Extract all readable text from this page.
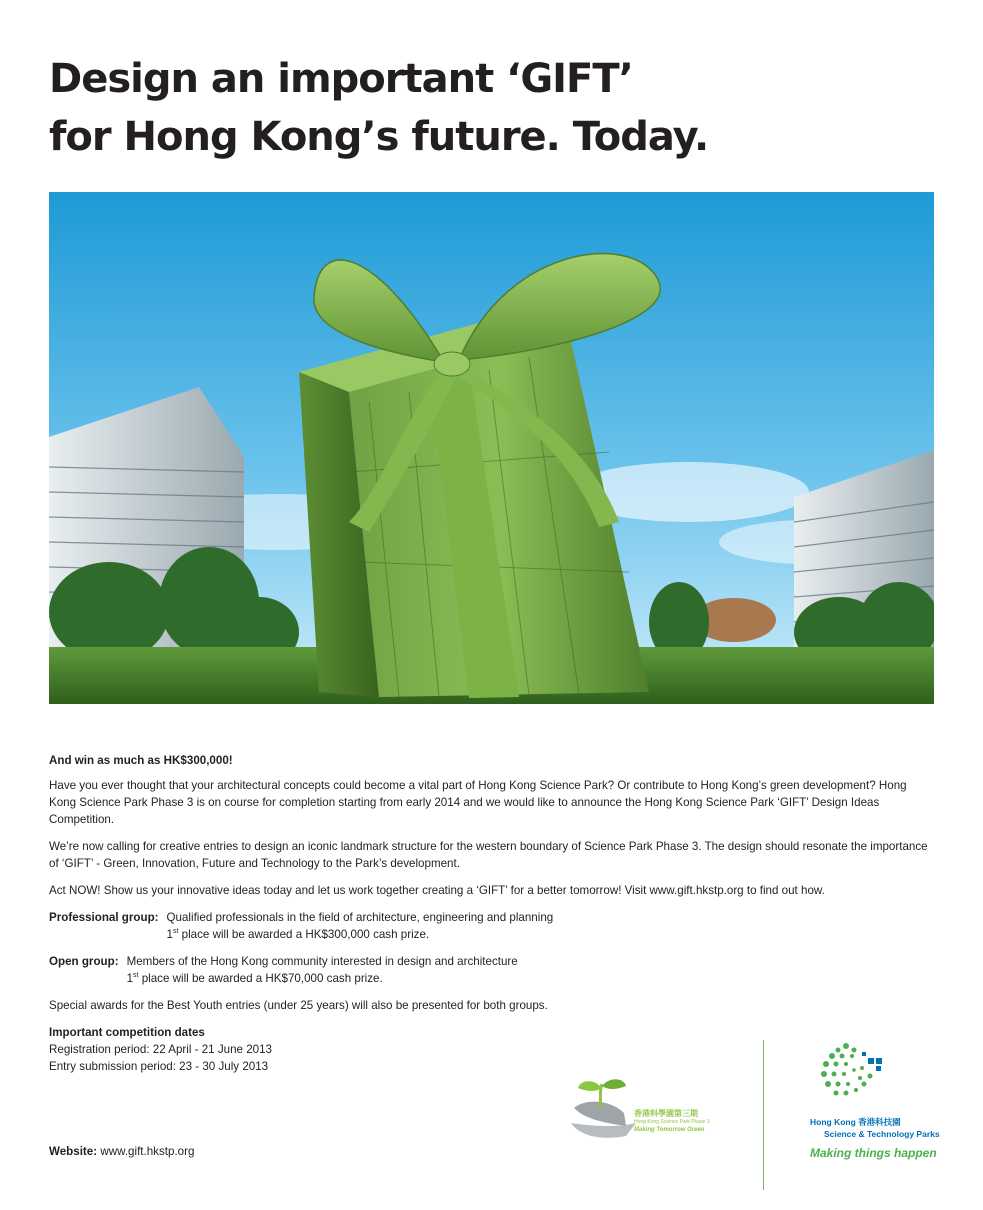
Design an important ‘GIFT’
for Hong Kong’s future. Today.

And win as much as HK$300,000!

Have you ever thought that your architectural concepts could become a vital part of Hong Kong Science Park? Or contribute to Hong Kong’s green development? Hong Kong Science Park Phase 3 is on course for completion starting from early 2014 and we would like to announce the Hong Kong Science Park ‘GIFT’ Design Ideas Competition.

We’re now calling for creative entries to design an iconic landmark structure for the western boundary of Science Park Phase 3. The design should resonate the importance of ‘GIFT’ - Green, Innovation, Future and Technology to the Park’s development.

Act NOW! Show us your innovative ideas today and let us work together creating a ‘GIFT’ for a better tomorrow! Visit www.gift.hkstp.org to find out how.

Professional group: Qualified professionals in the field of architecture, engineering and planning
1st place will be awarded a HK$300,000 cash prize.
Open group: Members of the Hong Kong community interested in design and architecture
1st place will be awarded a HK$70,000 cash prize.

Special awards for the Best Youth entries (under 25 years) will also be presented for both groups.

Important competition dates

Registration period: 22 April - 21 June 2013

Entry submission period: 23 - 30 July 2013

Website: www.gift.hkstp.org
香港科學園第三期
Hong Kong Science Park Phase 3
Making Tomorrow Green
Hong Kong 香港科技園
Science & Technology Parks
Making things happen
